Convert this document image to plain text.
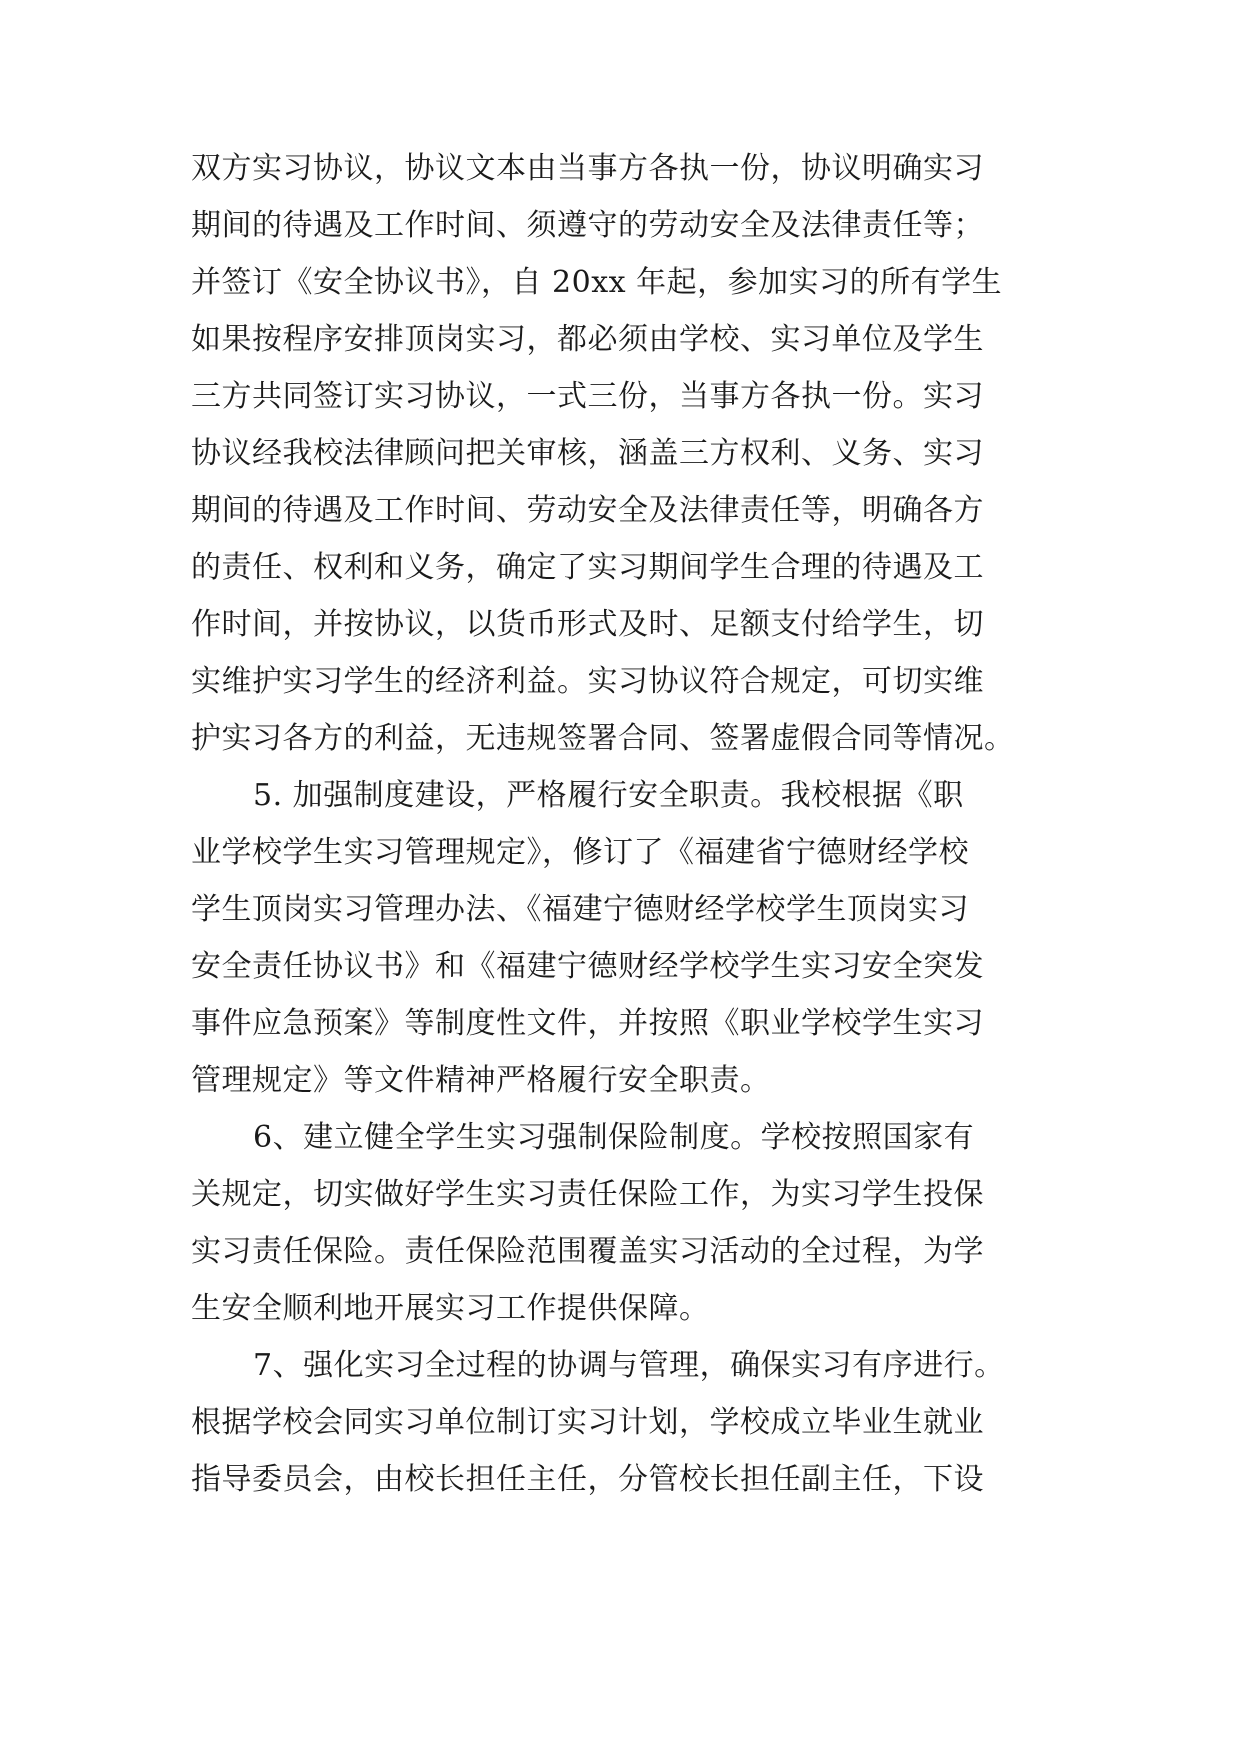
双方实习协议，协议文本由当事方各执一份，协议明确实习
期间的待遇及工作时间、须遵守的劳动安全及法律责任等；
并签订《安全协议书》，自 20xx 年起，参加实习的所有学生
如果按程序安排顶岗实习，都必须由学校、实习单位及学生
三方共同签订实习协议，一式三份，当事方各执一份。实习
协议经我校法律顾问把关审核，涵盖三方权利、义务、实习
期间的待遇及工作时间、劳动安全及法律责任等，明确各方
的责任、权利和义务，确定了实习期间学生合理的待遇及工
作时间，并按协议，以货币形式及时、足额支付给学生，切
实维护实习学生的经济利益。实习协议符合规定，可切实维
护实习各方的利益，无违规签署合同、签署虚假合同等情况。
5. 加强制度建设，严格履行安全职责。我校根据《职
业学校学生实习管理规定》，修订了《福建省宁德财经学校
学生顶岗实习管理办法、《福建宁德财经学校学生顶岗实习
安全责任协议书》和《福建宁德财经学校学生实习安全突发
事件应急预案》等制度性文件，并按照《职业学校学生实习
管理规定》等文件精神严格履行安全职责。
6、建立健全学生实习强制保险制度。学校按照国家有
关规定，切实做好学生实习责任保险工作，为实习学生投保
实习责任保险。责任保险范围覆盖实习活动的全过程，为学
生安全顺利地开展实习工作提供保障。
7、强化实习全过程的协调与管理，确保实习有序进行。
根据学校会同实习单位制订实习计划，学校成立毕业生就业
指导委员会，由校长担任主任，分管校长担任副主任，下设
